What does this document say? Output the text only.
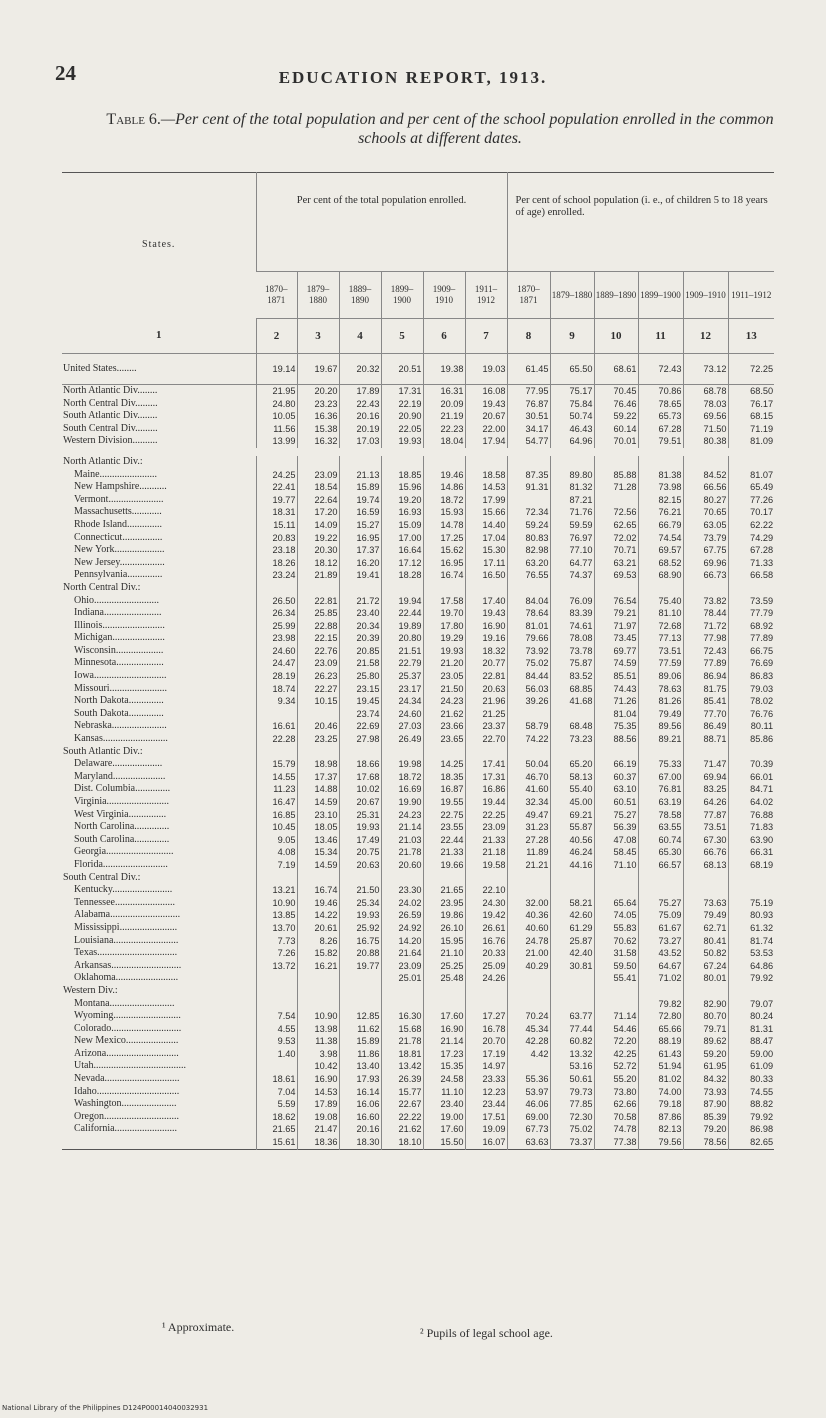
24	EDUCATION REPORT, 1913.
Table 6.—Per cent of the total population and per cent of the school population enrolled in the common schools at different dates.
States.	Per cent of the total population enrolled.						Per cent of school population (i. e., of children 5 to 18 years of age) enrolled.					
	1870–1871	1879–1880	1889–1890	1899–1900	1909–1910	1911–1912	1870–1871	1879–1880	1889–1890	1899–1900	1909–1910	1911–1912
1	2	3	4	5	6	7	8	9	10	11	12	13
United States........	19.14	19.67	20.32	20.51	19.38	19.03	61.45	65.50	68.61	72.43	73.12	72.25
North Atlantic Div........	21.95	20.20	17.89	17.31	16.31	16.08	77.95	75.17	70.45	70.86	68.78	68.50
North Central Div.........	24.80	23.23	22.43	22.19	20.09	19.43	76.87	75.84	76.46	78.65	78.03	76.17
South Atlantic Div........	10.05	16.36	20.16	20.90	21.19	20.67	30.51	50.74	59.22	65.73	69.56	68.15
South Central Div.........	11.56	15.38	20.19	22.05	22.23	22.00	34.17	46.43	60.14	67.28	71.50	71.19
Western Division..........	13.99	16.32	17.03	19.93	18.04	17.94	54.77	64.96	70.01	79.51	80.38	81.09

North Atlantic Div.:												
Maine.......................	24.25	23.09	21.13	18.85	19.46	18.58	87.35	89.80	85.88	81.38	84.52	81.07
New Hampshire...........	22.41	18.54	15.89	15.96	14.86	14.53	91.31	81.32	71.28	73.98	66.56	65.49
Vermont......................	19.77	22.64	19.74	19.20	18.72	17.99		87.21		82.15	80.27	77.26
Massachusetts............	18.31	17.20	16.59	16.93	15.93	15.66	72.34	71.76	72.56	76.21	70.65	70.17
Rhode Island..............	15.11	14.09	15.27	15.09	14.78	14.40	59.24	59.59	62.65	66.79	63.05	62.22
Connecticut................	20.83	19.22	16.95	17.00	17.25	17.04	80.83	76.97	72.02	74.54	73.79	74.29
New York....................	23.18	20.30	17.37	16.64	15.62	15.30	82.98	77.10	70.71	69.57	67.75	67.28
New Jersey..................	18.26	18.12	16.20	17.12	16.95	17.11	63.20	64.77	63.21	68.52	69.96	71.33
Pennsylvania..............	23.24	21.89	19.41	18.28	16.74	16.50	76.55	74.37	69.53	68.90	66.73	66.58
North Central Div.:												
Ohio..........................	26.50	22.81	21.72	19.94	17.58	17.40	84.04	76.09	76.54	75.40	73.82	73.59
Indiana.......................	26.34	25.85	23.40	22.44	19.70	19.43	78.64	83.39	79.21	81.10	78.44	77.79
Illinois.........................	25.99	22.88	20.34	19.89	17.80	16.90	81.01	74.61	71.97	72.68	71.72	68.92
Michigan.....................	23.98	22.15	20.39	20.80	19.29	19.16	79.66	78.08	73.45	77.13	77.98	77.89
Wisconsin...................	24.60	22.76	20.85	21.51	19.93	18.32	73.92	73.78	69.77	73.51	72.43	66.75
Minnesota...................	24.47	23.09	21.58	22.79	21.20	20.77	75.02	75.87	74.59	77.59	77.89	76.69
Iowa.............................	28.19	26.23	25.80	25.37	23.05	22.81	84.44	83.52	85.51	89.06	86.94	86.83
Missouri.......................	18.74	22.27	23.15	23.17	21.50	20.63	56.03	68.85	74.43	78.63	81.75	79.03
North Dakota..............	9.34	10.15	19.45	24.34	24.23	21.96	39.26	41.68	71.26	81.26	85.41	78.02
South Dakota..............			23.74	24.60	21.62	21.25			81.04	79.49	77.70	76.76
Nebraska......................	16.61	20.46	22.69	27.03	23.66	23.37	58.79	68.48	75.35	89.56	86.49	80.11
Kansas..........................	22.28	23.25	27.98	26.49	23.65	22.70	74.22	73.23	88.56	89.21	88.71	85.86
South Atlantic Div.:												
Delaware....................	15.79	18.98	18.66	19.98	14.25	17.41	50.04	65.20	66.19	75.33	71.47	70.39
Maryland.....................	14.55	17.37	17.68	18.72	18.35	17.31	46.70	58.13	60.37	67.00	69.94	66.01
Dist. Columbia..............	11.23	14.88	10.02	16.69	16.87	16.86	41.60	55.40	63.10	76.81	83.25	84.71
Virginia.........................	16.47	14.59	20.67	19.90	19.55	19.44	32.34	45.00	60.51	63.19	64.26	64.02
West Virginia...............	16.85	23.10	25.31	24.23	22.75	22.25	49.47	69.21	75.27	78.58	77.87	76.88
North Carolina..............	10.45	18.05	19.93	21.14	23.55	23.09	31.23	55.87	56.39	63.55	73.51	71.83
South Carolina..............	9.05	13.46	17.49	21.03	22.44	21.33	27.28	40.56	47.08	60.74	67.30	63.90
Georgia...........................	4.08	15.34	20.75	21.78	21.33	21.18	11.89	46.24	58.45	65.30	66.76	66.31
Florida..........................	7.19	14.59	20.63	20.60	19.66	19.58	21.21	44.16	71.10	66.57	68.13	68.19
South Central Div.:												
Kentucky........................	13.21	16.74	21.50	23.30	21.65	22.10						
Tennessee........................	10.90	19.46	25.34	24.02	23.95	24.30	32.00	58.21	65.64	75.27	73.63	75.19
Alabama............................	13.85	14.22	19.93	26.59	19.86	19.42	40.36	42.60	74.05	75.09	79.49	80.93
Mississippi.......................	13.70	20.61	25.92	24.92	26.10	26.61	40.60	61.29	55.83	61.67	62.71	61.32
Louisiana..........................	7.73	8.26	16.75	14.20	15.95	16.76	24.78	25.87	70.62	73.27	80.41	81.74
Texas................................	7.26	15.82	20.88	21.64	21.10	20.33	21.00	42.40	31.58	43.52	50.82	53.53
Arkansas............................	13.72	16.21	19.77	23.09	25.25	25.09	40.29	30.81	59.50	64.67	67.24	64.86
Oklahoma.........................				25.01	25.48	24.26			55.41	71.02	80.01	79.92
Western Div.:												
Montana..........................										79.82	82.90	79.07
Wyoming...........................	7.54	10.90	12.85	16.30	17.60	17.27	70.24	63.77	71.14	72.80	80.70	80.24
Colorado............................	4.55	13.98	11.62	15.68	16.90	16.78	45.34	77.44	54.46	65.66	79.71	81.31
New Mexico.....................	9.53	11.38	15.89	21.78	21.14	20.70	42.28	60.82	72.20	88.19	89.62	88.47
Arizona.............................	1.40	3.98	11.86	18.81	17.23	17.19	4.42	13.32	42.25	61.43	59.20	59.00
Utah.....................................		10.42	13.40	13.42	15.35	14.97		53.16	52.72	51.94	61.95	61.09
Nevada..............................	18.61	16.90	17.93	26.39	24.58	23.33	55.36	50.61	55.20	81.02	84.32	80.33
Idaho.................................	7.04	14.53	16.14	15.77	11.10	12.23	53.97	79.73	73.80	74.00	73.93	74.55
Washington......................	5.59	17.89	16.06	22.67	23.40	23.44	46.06	77.85	62.66	79.18	87.90	88.82
Oregon..............................	18.62	19.08	16.60	22.22	19.00	17.51	69.00	72.30	70.58	87.86	85.39	79.92
California.........................	21.65	21.47	20.16	21.62	17.60	19.09	67.73	75.02	74.78	82.13	79.20	86.98
	15.61	18.36	18.30	18.10	15.50	16.07	63.63	73.37	77.38	79.56	78.56	82.65
¹ Approximate.	² Pupils of legal school age.
National Library of the Philippines D124P00014040032931
